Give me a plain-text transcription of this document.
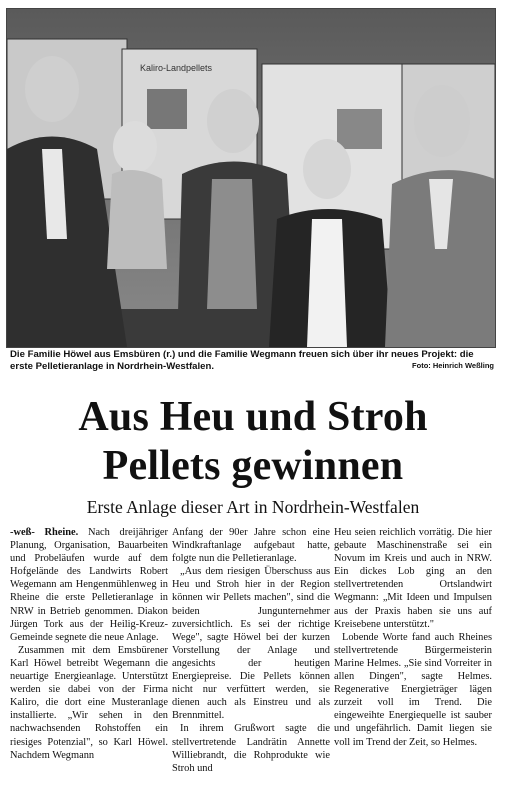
Kaliro-Landpellets
Die Familie Höwel aus Emsbüren (r.) und die Familie Wegmann freuen sich über ihr neues Projekt: die erste Pelletieranlage in Nordrhein-Westfalen.	Foto: Heinrich Weßling
Aus Heu und Stroh
Pellets gewinnen
Erste Anlage dieser Art in Nordrhein-Westfalen

-weß- Rheine. Nach dreijähriger Planung, Organisation, Bauarbeiten und Probeläufen wurde auf dem Hofgelände des Landwirts Robert Wegemann am Hengenmühlenweg in Rheine die erste Pelletieranlage in NRW in Betrieb genommen. Diakon Jürgen Tork aus der Heilig-Kreuz-Gemeinde segnete die neue Anlage.

Zusammen mit dem Emsbürener Karl Höwel betreibt Wegemann die neuartige Energieanlage. Unterstützt werden sie dabei von der Firma Kaliro, die dort eine Musteranlage installierte. „Wir sehen in den nachwachsenden Rohstoffen ein riesiges Potenzial", so Karl Höwel. Nachdem Wegmann

Anfang der 90er Jahre schon eine Windkraftanlage aufgebaut hatte, folgte nun die Pelletieranlage.

„Aus dem riesigen Überschuss aus Heu und Stroh hier in der Region können wir Pellets machen", sind die beiden Jungunternehmer zuversichtlich. Es sei der richtige Wege", sagte Höwel bei der kurzen Vorstellung der Anlage und angesichts der heutigen Energiepreise. Die Pellets können nicht nur verfüttert werden, sie dienen auch als Einstreu und als Brennmittel.

In ihrem Grußwort sagte die stellvertretende Landrätin Annette Williebrandt, die Rohprodukte wie Stroh und

Heu seien reichlich vorrätig. Die hier gebaute Maschinenstraße sei ein Novum im Kreis und auch in NRW. Ein dickes Lob ging an den stellvertretenden Ortslandwirt Wegmann: „Mit Ideen und Impulsen aus der Praxis haben sie uns auf Kreisebene unterstützt."

Lobende Worte fand auch Rheines stellvertretende Bürgermeisterin Marine Helmes. „Sie sind Vorreiter in allen Dingen", sagte Helmes. Regenerative Energieträger lägen zurzeit voll im Trend. Die eingeweihte Energiequelle ist sauber und ungefährlich. Damit liegen sie voll im Trend der Zeit, so Helmes.
